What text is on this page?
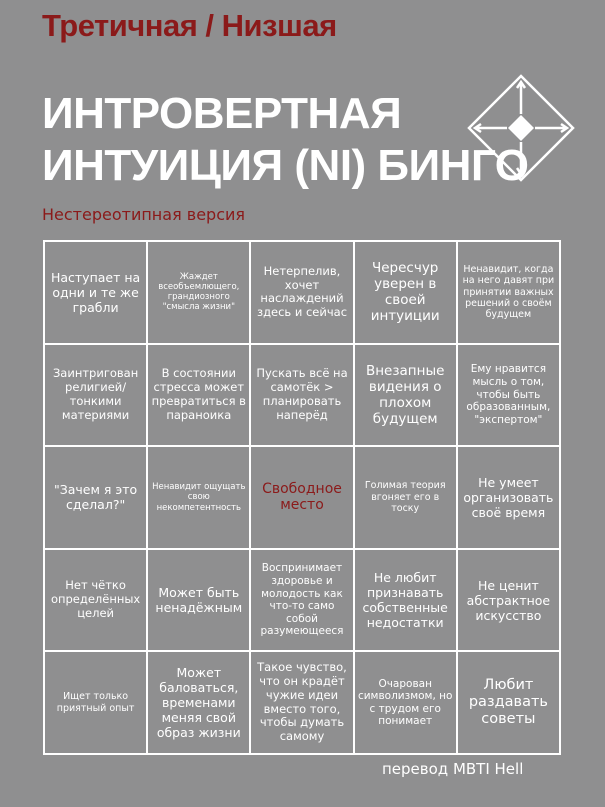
Третичная / Низшая
ИНТРОВЕРТНАЯ
ИНТУИЦИЯ (NI) БИНГО
Нестереотипная версия
Наступает на одни и те же грабли
Жаждет всеобъемлющего, грандиозного "смысла жизни"
Нетерпелив, хочет наслаждений здесь и сейчас
Чересчур уверен в своей интуиции
Ненавидит, когда на него давят при принятии важных решений о своём будущем
Заинтригован религией/ тонкими материями
В состоянии стресса может превратиться в параноика
Пускать всё на самотёк > планировать наперёд
Внезапные видения о плохом будущем
Ему нравится мысль о том, чтобы быть образованным, "экспертом"
"Зачем я это сделал?"
Ненавидит ощущать свою некомпетентность
Свободное место
Голимая теория вгоняет его в тоску
Не умеет организовать своё время
Нет чётко определённых целей
Может быть ненадёжным
Воспринимает здоровье и молодость как что-то само собой разумеющееся
Не любит признавать собственные недостатки
Не ценит абстрактное искусство
Ищет только приятный опыт
Может баловаться, временами меняя свой образ жизни
Такое чувство, что он крадёт чужие идеи вместо того, чтобы думать самому
Очарован символизмом, но с трудом его понимает
Любит раздавать советы
перевод MBTI Hell
